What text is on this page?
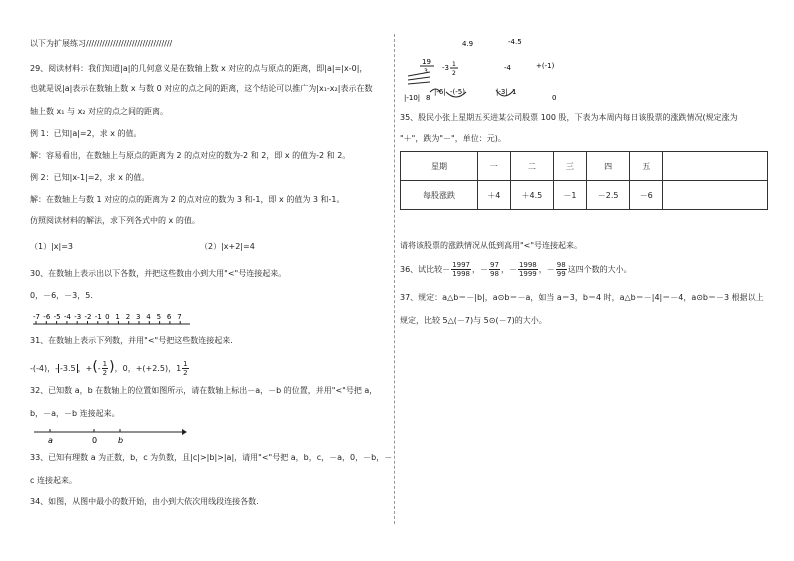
以下为扩展练习////////////////////////////////
29、阅读材料：我们知道|a|的几何意义是在数轴上数 x 对应的点与原点的距离，即|a|=|x-0|，
也就是说|a|表示在数轴上数 x 与数 0 对应的点之间的距离，这个结论可以推广为|x₁-x₂|表示在数
轴上数 x₁ 与 x₂ 对应的点之间的距离。
例 1：已知|a|=2，求 x 的值。
解：容易看出，在数轴上与原点的距离为 2 的点对应的数为-2 和 2，即 x 的值为-2 和 2。
例 2：已知|x-1|=2，求 x 的值。
解：在数轴上与数 1 对应的点的距离为 2 的点对应的数为 3 和-1，即 x 的值为 3 和-1。
仿照阅读材料的解法，求下列各式中的 x 的值。
（1）|x|=3	（2）|x+2|=4
30、在数轴上表示出以下各数，并把这些数由小到大用"<"号连接起来。
0，－6，－3，5.
-7 -6 -5 -4 -3 -2 -1 0 1 2 3 4 5 6 7
31、在数轴上表示下列数，并用"<"号把这些数连接起来.
-(-4)，- -3.5 ，+(- $\frac{1}{2}$ )，0，+(+2.5)，$1 \frac{1}{2}$
32、已知数 a，b 在数轴上的位置如图所示，请在数轴上标出－a，－b 的位置，并用"<"号把 a，
b，－a，－b 连接起来。
a	0	b
33、已知有理数 a 为正数，b，c 为负数，且|c|>|b|>|a|，请用"<"号把 a，b，c，－a，0，－b，－
c 连接起来。
34、如图，从图中最小的数开始，由小到大依次用线段连接各数.
4.9	-4.5
19
3 -3 1
2
-4	+(-1)
|-10| 8
|-6| -(-5)	|-3| 1
0
35、股民小张上星期五买进某公司股票 100 股，下表为本周内每日该股票的涨跌情况(规定涨为
"＋"，跌为"－"，单位：元)。
星期	一	二	三	四	五	
每股涨跌	＋4	＋4.5	－1	－2.5	－6	
请将该股票的涨跌情况从低到高用"<"号连接起来。
36、试比较－ $\frac{1997}{1998}$ ，－ $\frac{97}{98}$ ，－ $\frac{1998}{1999}$ ，－ $\frac{98}{99}$ 这四个数的大小。
37、规定：a△b＝－|b|，a⊙b＝－a，如当 a＝3，b＝4 时，a△b＝－|4|＝－4，a⊙b＝－3 根据以上
规定，比较 5△(－7)与 5⊙(－7)的大小。
